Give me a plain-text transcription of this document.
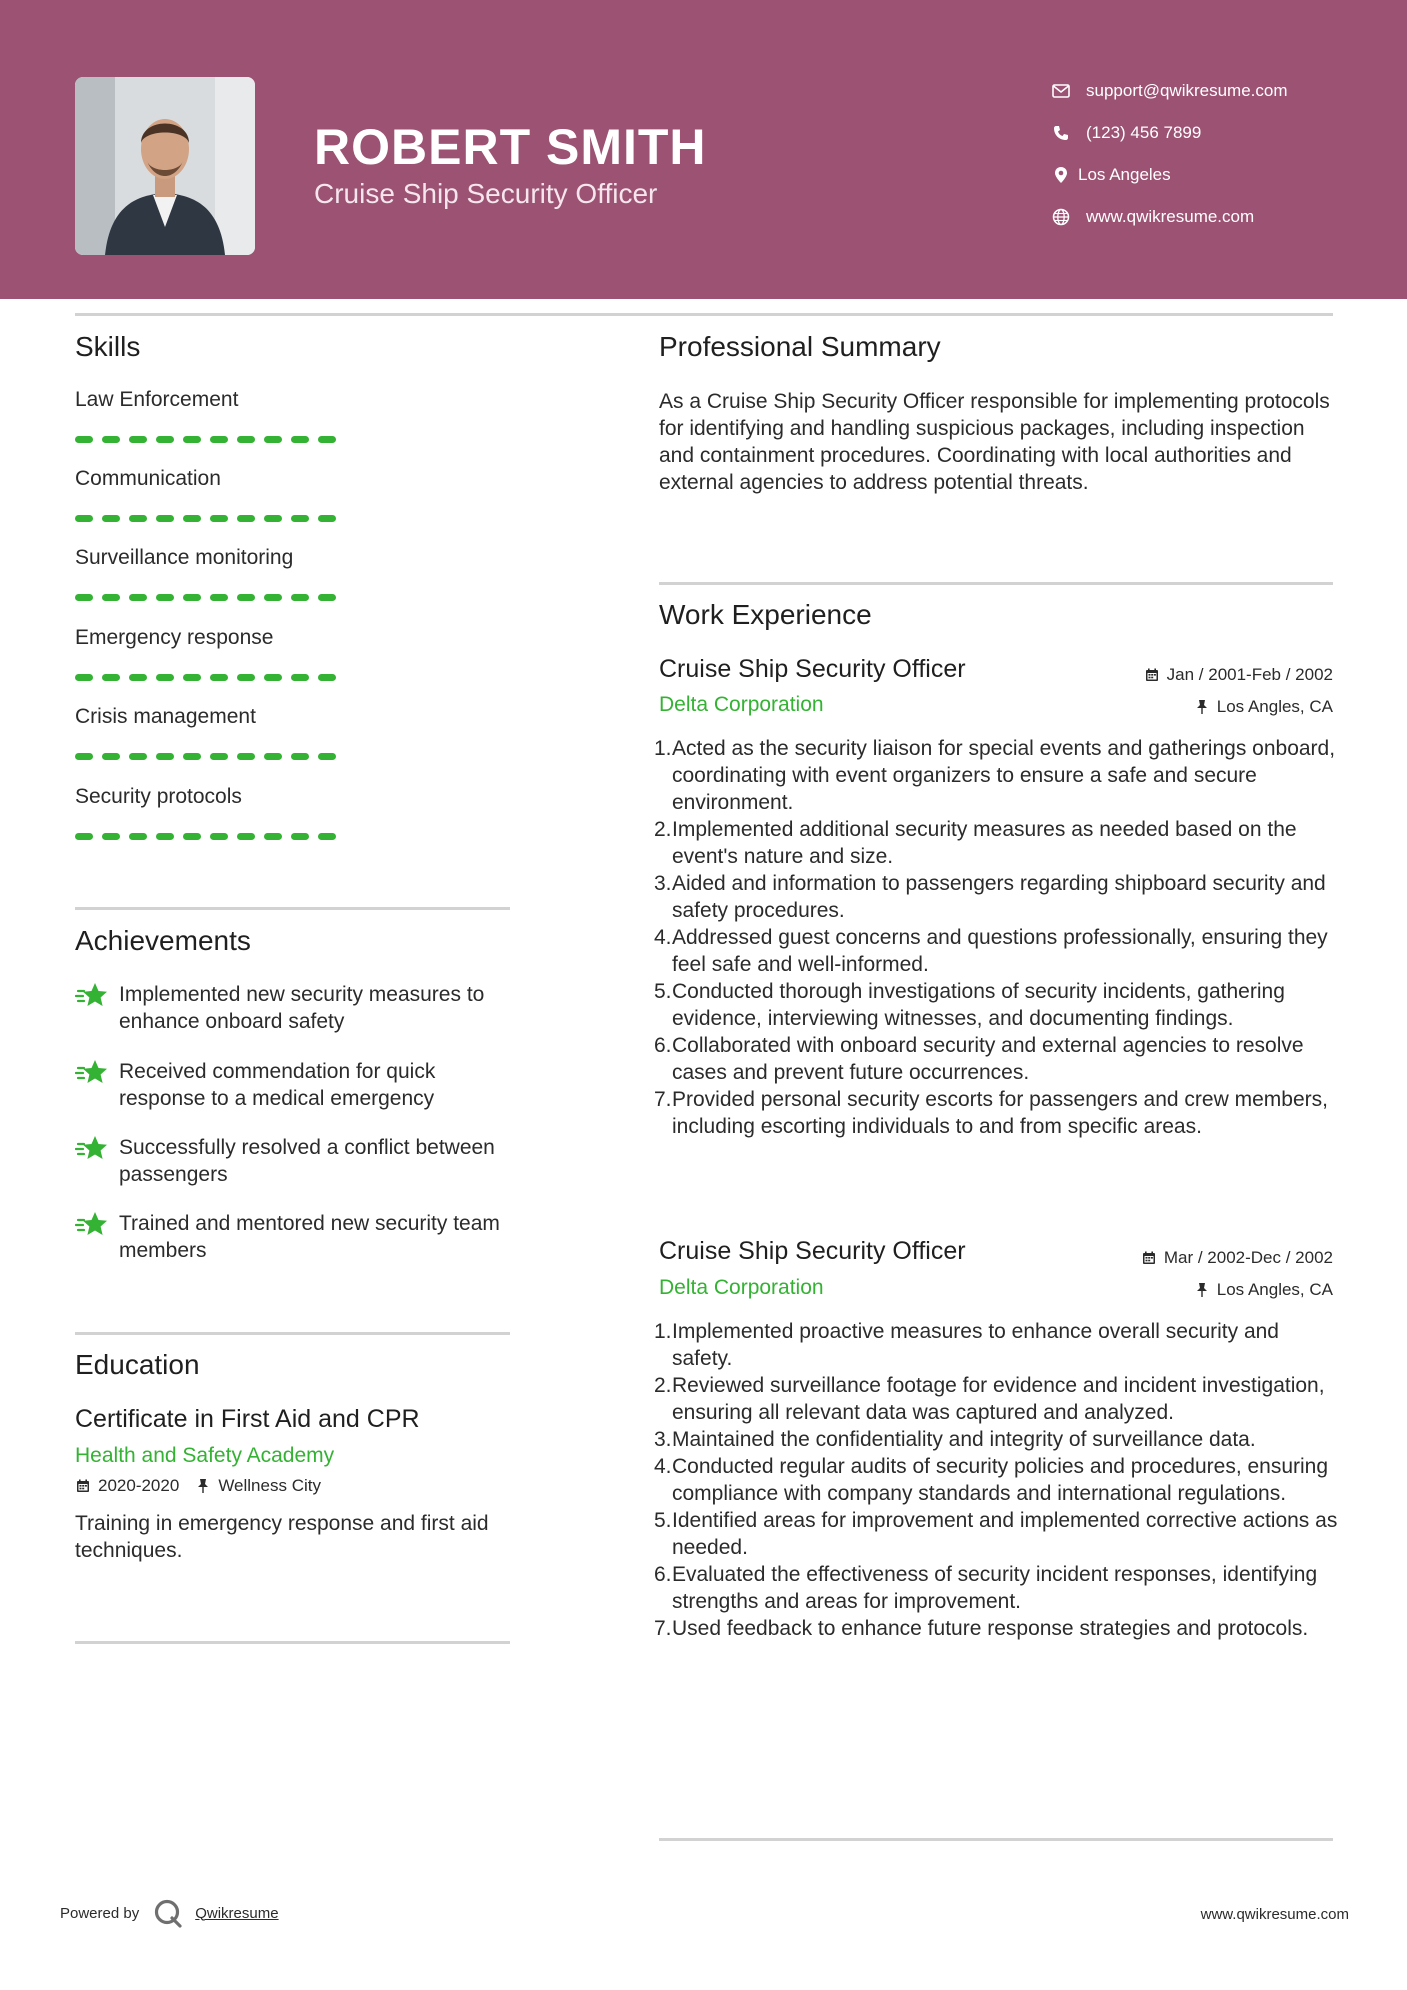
ROBERT SMITH
Cruise Ship Security Officer
support@qwikresume.com
(123) 456 7899
Los Angeles
www.qwikresume.com
Skills
Law Enforcement
Communication
Surveillance monitoring
Emergency response
Crisis management
Security protocols
Achievements
Implemented new security measures to enhance onboard safety
Received commendation for quick response to a medical emergency
Successfully resolved a conflict between passengers
Trained and mentored new security team members
Education
Certificate in First Aid and CPR
Health and Safety Academy
2020-2020 Wellness City
Training in emergency response and first aid techniques.
Professional Summary
As a Cruise Ship Security Officer responsible for implementing protocols for identifying and handling suspicious packages, including inspection and containment procedures. Coordinating with local authorities and external agencies to address potential threats.
Work Experience
Cruise Ship Security Officer	Jan / 2001-Feb / 2002
Delta Corporation	Los Angles, CA
1. Acted as the security liaison for special events and gatherings onboard, coordinating with event organizers to ensure a safe and secure environment.
2. Implemented additional security measures as needed based on the event's nature and size.
3. Aided and information to passengers regarding shipboard security and safety procedures.
4. Addressed guest concerns and questions professionally, ensuring they feel safe and well-informed.
5. Conducted thorough investigations of security incidents, gathering evidence, interviewing witnesses, and documenting findings.
6. Collaborated with onboard security and external agencies to resolve cases and prevent future occurrences.
7. Provided personal security escorts for passengers and crew members, including escorting individuals to and from specific areas.
Cruise Ship Security Officer	Mar / 2002-Dec / 2002
Delta Corporation	Los Angles, CA
1. Implemented proactive measures to enhance overall security and safety.
2. Reviewed surveillance footage for evidence and incident investigation, ensuring all relevant data was captured and analyzed.
3. Maintained the confidentiality and integrity of surveillance data.
4. Conducted regular audits of security policies and procedures, ensuring compliance with company standards and international regulations.
5. Identified areas for improvement and implemented corrective actions as needed.
6. Evaluated the effectiveness of security incident responses, identifying strengths and areas for improvement.
7. Used feedback to enhance future response strategies and protocols.
Powered by	Qwikresume	www.qwikresume.com
